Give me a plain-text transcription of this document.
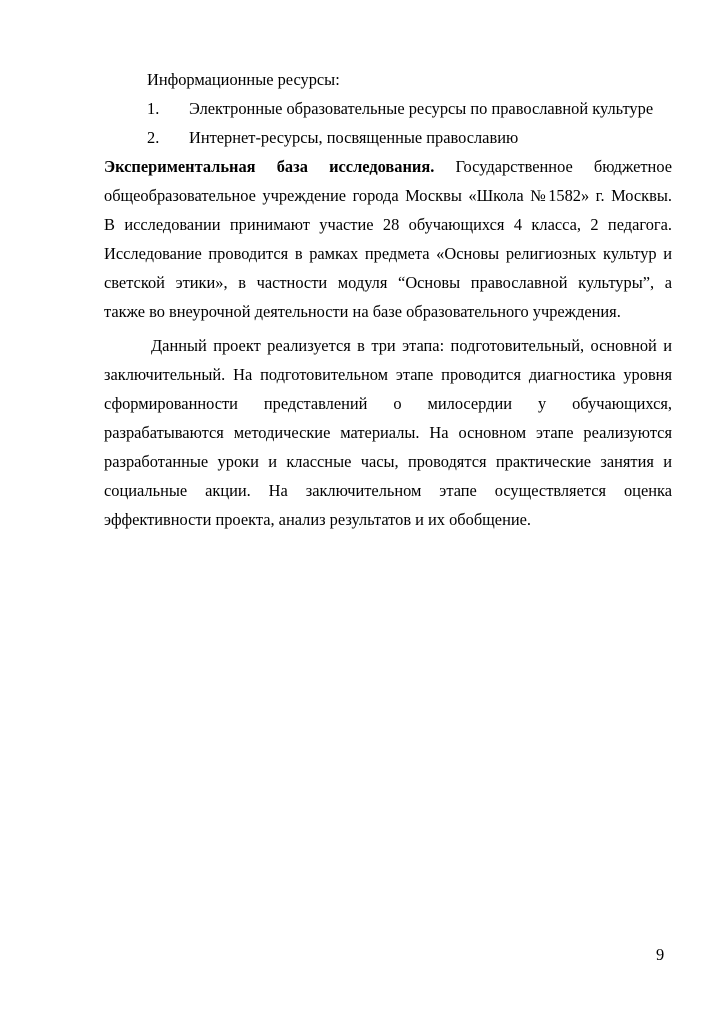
Информационные ресурсы:
1. Электронные образовательные ресурсы по православной культуре
2. Интернет-ресурсы, посвященные православию
Экспериментальная база исследования. Государственное бюджетное
общеобразовательное учреждение города Москвы «Школа №1582» г. Москвы.
В исследовании принимают участие 28 обучающихся 4 класса, 2 педагога.
Исследование проводится в рамках предмета «Основы религиозных культур и
светской этики», в частности модуля “Основы православной культуры”, а
также во внеурочной деятельности на базе образовательного учреждения.
Данный проект реализуется в три этапа: подготовительный, основной и
заключительный. На подготовительном этапе проводится диагностика уровня
сформированности представлений о милосердии у обучающихся,
разрабатываются методические материалы. На основном этапе реализуются
разработанные уроки и классные часы, проводятся практические занятия и
социальные акции. На заключительном этапе осуществляется оценка
эффективности проекта, анализ результатов и их обобщение.
9
